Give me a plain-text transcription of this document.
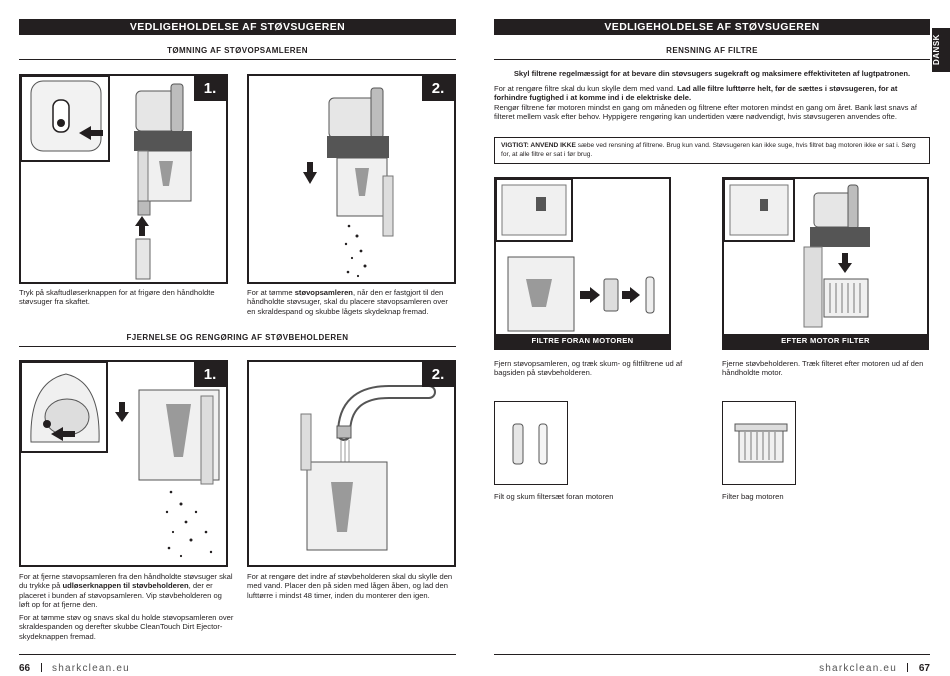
VEDLIGEHOLDELSE AF STØVSUGEREN
TØMNING AF STØVOPSAMLEREN
1.
Tryk på skaftudløserknappen for at frigøre den håndholdte støvsuger fra skaftet.
2.
For at tømme støvopsamleren, når den er fastgjort til den håndholdte støvsuger, skal du placere støvopsamleren over en skraldespand og skubbe lågets skydeknap fremad.
FJERNELSE OG RENGØRING AF STØVBEHOLDEREN
1.
For at fjerne støvopsamleren fra den håndholdte støvsuger skal du trykke på udløserknappen til støvbeholderen, der er placeret i bunden af støvopsamleren. Vip støvbeholderen og løft op for at fjerne den.
For at tømme støv og snavs skal du holde støvopsamleren over skraldespanden og derefter skubbe CleanTouch Dirt Ejector-skydeknappen fremad.
2.
For at rengøre det indre af støvbeholderen skal du skylle den med vand. Placer den på siden med lågen åben, og lad den lufttørre i mindst 48 timer, inden du monterer den igen.
66 sharkclean.eu
VEDLIGEHOLDELSE AF STØVSUGEREN
DANSK
RENSNING AF FILTRE
Skyl filtrene regelmæssigt for at bevare din støvsugers sugekraft og maksimere effektiviteten af lugtpatronen.
For at rengøre filtre skal du kun skylle dem med vand. Lad alle filtre lufttørre helt, før de sættes i støvsugeren, for at forhindre fugtighed i at komme ind i de elektriske dele.
Rengør filtrene før motoren mindst en gang om måneden og filtrene efter motoren mindst en gang om året. Bank løst snavs af filteret mellem vask efter behov. Hyppigere rengøring kan undertiden være nødvendigt, hvis støvsugeren anvendes ofte.
VIGTIGT: ANVEND IKKE sæbe ved rensning af filtrene. Brug kun vand. Støvsugeren kan ikke suge, hvis filtret bag motoren ikke er sat i. Sørg for, at alle filtre er sat i før brug.
FILTRE FORAN MOTOREN
Fjern støvopsamleren, og træk skum- og filtfiltrene ud af bagsiden på støvbeholderen.
EFTER MOTOR FILTER
Fjerne støvbeholderen. Træk filteret efter motoren ud af den håndholdte motor.
Filt og skum filtersæt foran motoren	Filter bag motoren
sharkclean.eu 67
